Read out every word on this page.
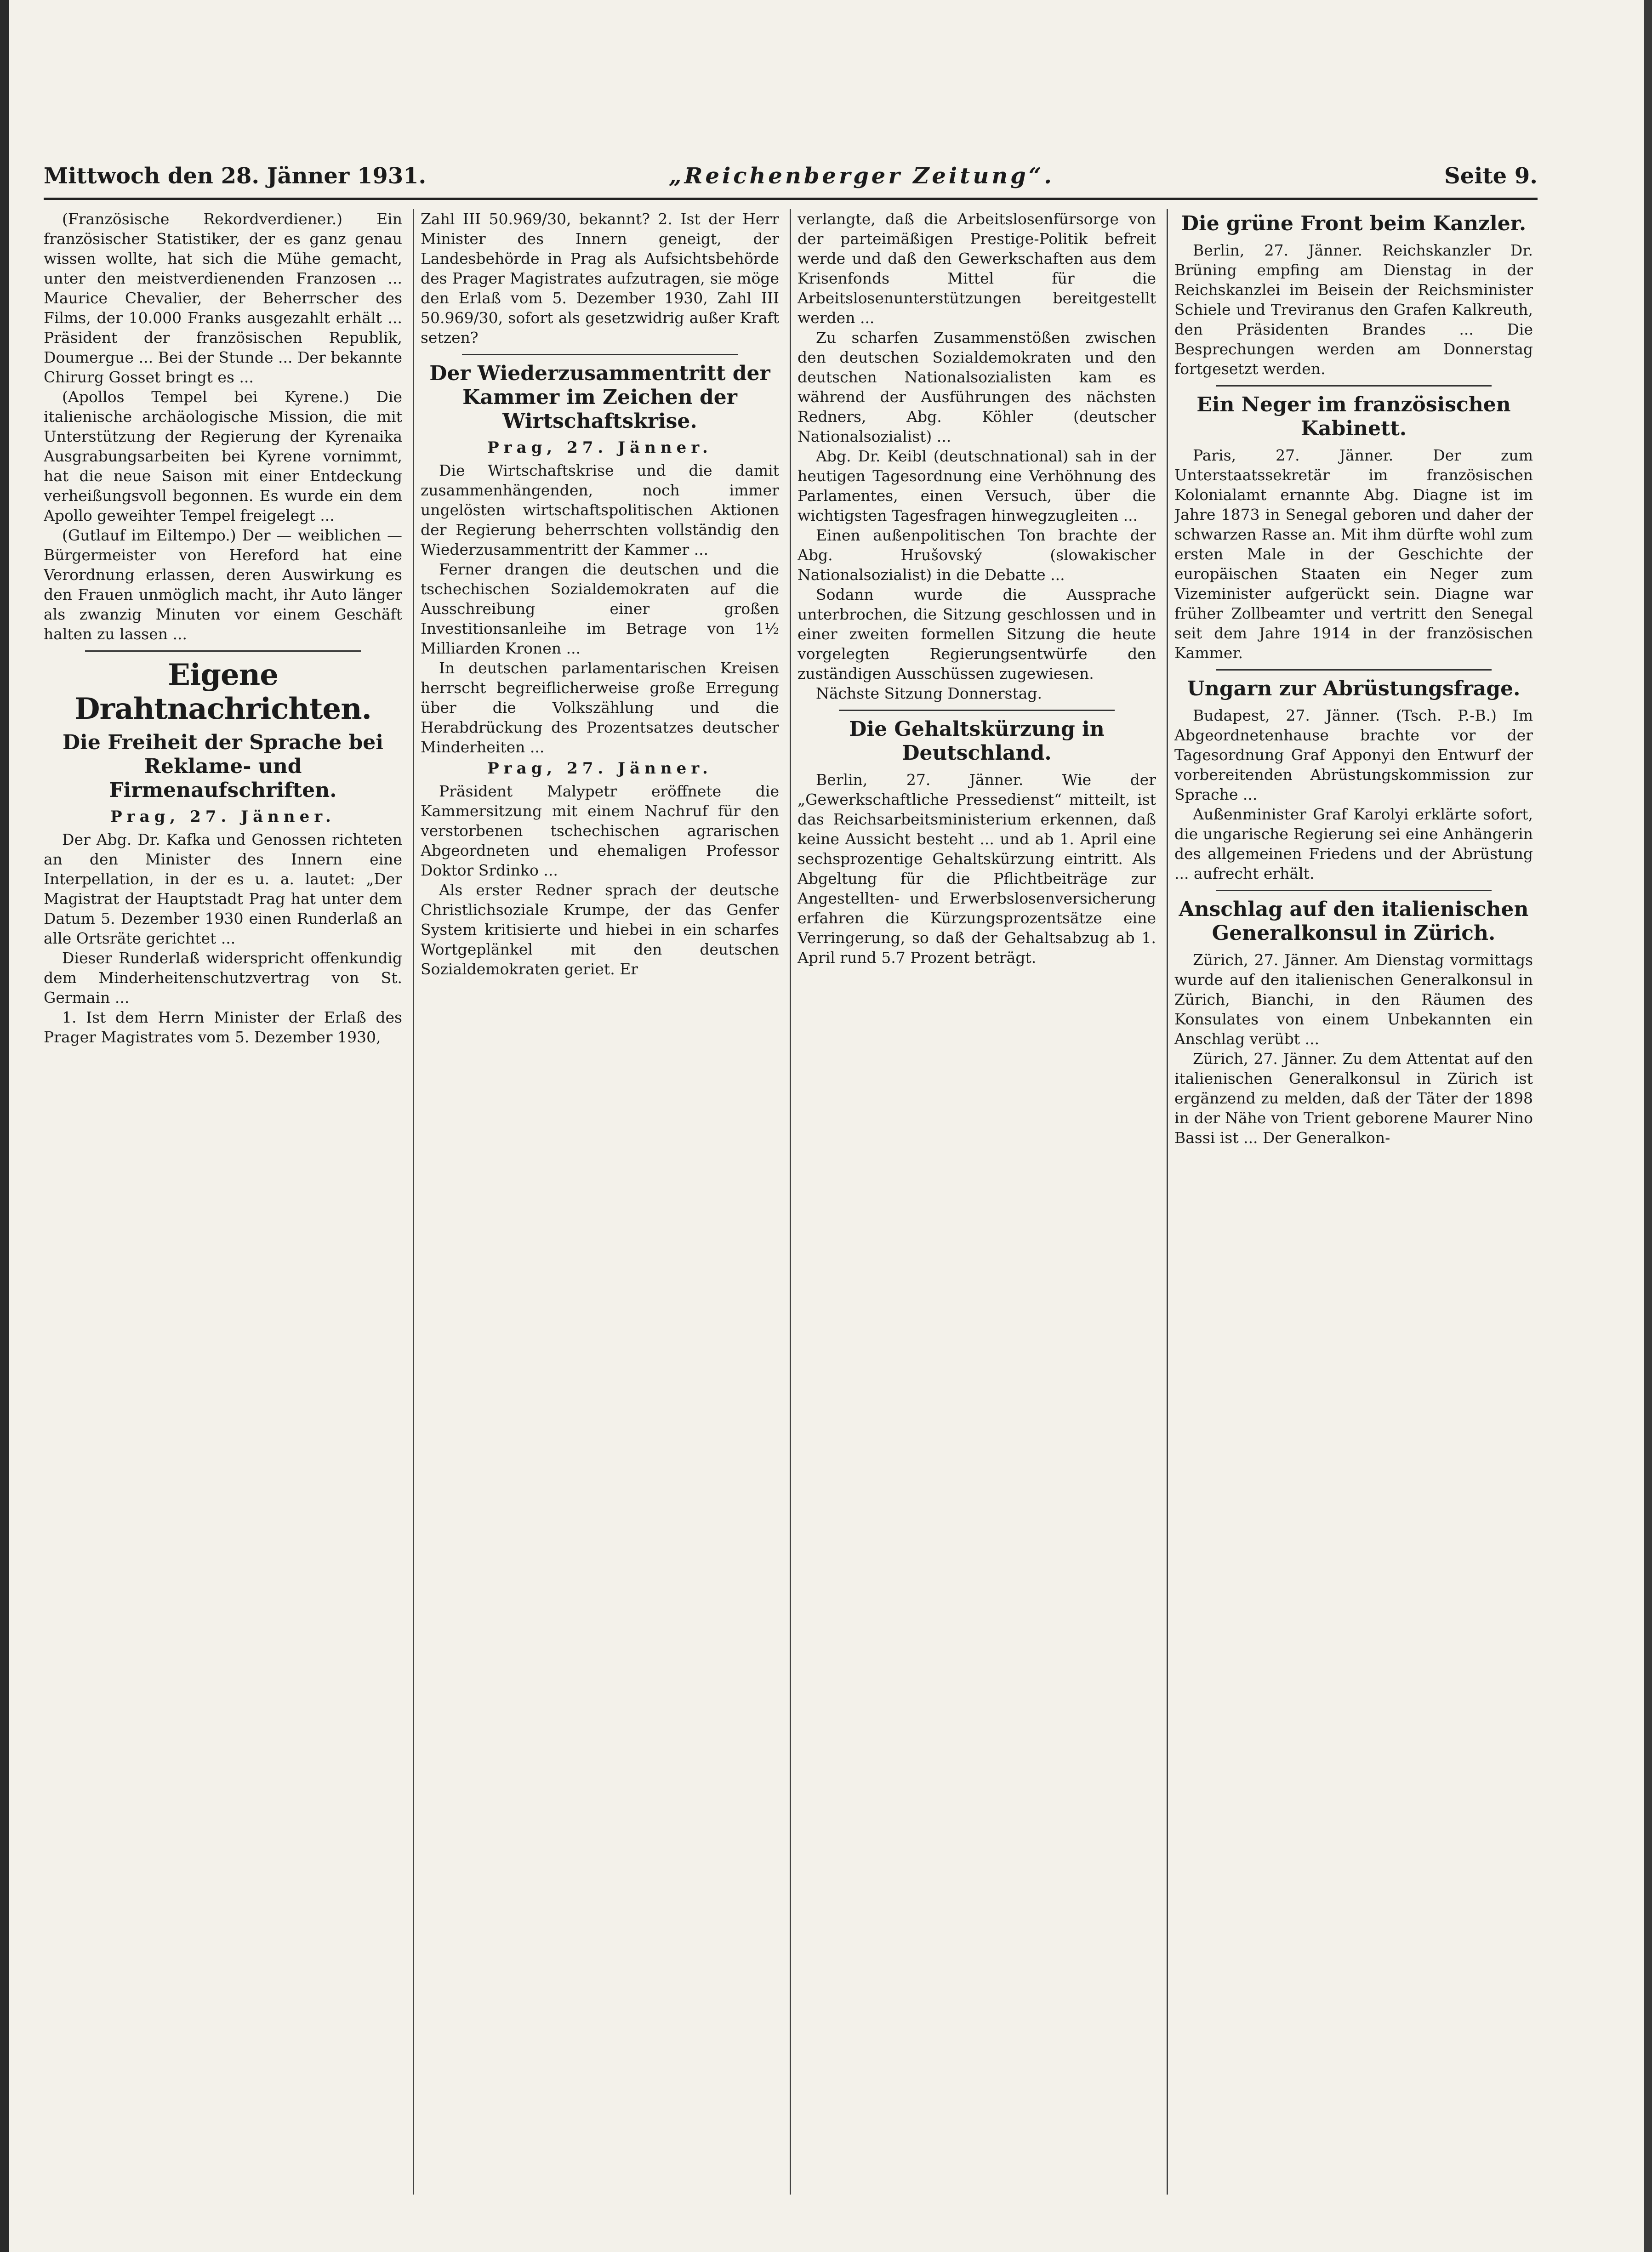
Mittwoch den 28. Jänner 1931.	„Reichenberger Zeitung“.	Seite 9.

(Französische Rekordverdiener.) Ein französischer Statistiker, der es ganz genau wissen wollte, hat sich die Mühe gemacht, unter den meistverdienenden Franzosen ... Maurice Chevalier, der Beherrscher des Films, der 10.000 Franks ausgezahlt erhält ... Präsident der französischen Republik, Doumergue ... Bei der Stunde ... Der bekannte Chirurg Gosset bringt es ...

(Apollos Tempel bei Kyrene.) Die italienische archäologische Mission, die mit Unterstützung der Regierung der Kyrenaika Ausgrabungsarbeiten bei Kyrene vornimmt, hat die neue Saison mit einer Entdeckung verheißungsvoll begonnen. Es wurde ein dem Apollo geweihter Tempel freigelegt ...

(Gutlauf im Eiltempo.) Der — weiblichen — Bürgermeister von Hereford hat eine Verordnung erlassen, deren Auswirkung es den Frauen unmöglich macht, ihr Auto länger als zwanzig Minuten vor einem Geschäft halten zu lassen ...

Eigene Drahtnachrichten.
Die Freiheit der Sprache bei Reklame- und Firmenaufschriften.
Prag, 27. Jänner.

Der Abg. Dr. Kafka und Genossen richteten an den Minister des Innern eine Interpellation, in der es u. a. lautet: „Der Magistrat der Hauptstadt Prag hat unter dem Datum 5. Dezember 1930 einen Runderlaß an alle Ortsräte gerichtet ...

Dieser Runderlaß widerspricht offenkundig dem Minderheitenschutzvertrag von St. Germain ...

1. Ist dem Herrn Minister der Erlaß des Prager Magistrates vom 5. Dezember 1930,

Zahl III 50.969/30, bekannt? 2. Ist der Herr Minister des Innern geneigt, der Landesbehörde in Prag als Aufsichtsbehörde des Prager Magistrates aufzutragen, sie möge den Erlaß vom 5. Dezember 1930, Zahl III 50.969/30, sofort als gesetzwidrig außer Kraft setzen?

Der Wiederzusammentritt der Kammer im Zeichen der Wirtschaftskrise.
Prag, 27. Jänner.

Die Wirtschaftskrise und die damit zusammenhängenden, noch immer ungelösten wirtschaftspolitischen Aktionen der Regierung beherrschten vollständig den Wiederzusammentritt der Kammer ...

Ferner drangen die deutschen und die tschechischen Sozialdemokraten auf die Ausschreibung einer großen Investitionsanleihe im Betrage von 1½ Milliarden Kronen ...

In deutschen parlamentarischen Kreisen herrscht begreiflicherweise große Erregung über die Volkszählung und die Herabdrückung des Prozentsatzes deutscher Minderheiten ...

Prag, 27. Jänner.

Präsident Malypetr eröffnete die Kammersitzung mit einem Nachruf für den verstorbenen tschechischen agrarischen Abgeordneten und ehemaligen Professor Doktor Srdinko ...

Als erster Redner sprach der deutsche Christlichsoziale Krumpe, der das Genfer System kritisierte und hiebei in ein scharfes Wortgeplänkel mit den deutschen Sozialdemokraten geriet. Er

verlangte, daß die Arbeitslosenfürsorge von der parteimäßigen Prestige-Politik befreit werde und daß den Gewerkschaften aus dem Krisenfonds Mittel für die Arbeitslosenunterstützungen bereitgestellt werden ...

Zu scharfen Zusammenstößen zwischen den deutschen Sozialdemokraten und den deutschen Nationalsozialisten kam es während der Ausführungen des nächsten Redners, Abg. Köhler (deutscher Nationalsozialist) ...

Abg. Dr. Keibl (deutschnational) sah in der heutigen Tagesordnung eine Verhöhnung des Parlamentes, einen Versuch, über die wichtigsten Tagesfragen hinwegzugleiten ...

Einen außenpolitischen Ton brachte der Abg. Hrušovský (slowakischer Nationalsozialist) in die Debatte ...

Sodann wurde die Aussprache unterbrochen, die Sitzung geschlossen und in einer zweiten formellen Sitzung die heute vorgelegten Regierungsentwürfe den zuständigen Ausschüssen zugewiesen.

Nächste Sitzung Donnerstag.

Die Gehaltskürzung in Deutschland.

Berlin, 27. Jänner. Wie der „Gewerkschaftliche Pressedienst“ mitteilt, ist das Reichsarbeitsministerium erkennen, daß keine Aussicht besteht ... und ab 1. April eine sechsprozentige Gehaltskürzung eintritt. Als Abgeltung für die Pflichtbeiträge zur Angestellten- und Erwerbslosenversicherung erfahren die Kürzungsprozentsätze eine Verringerung, so daß der Gehaltsabzug ab 1. April rund 5.7 Prozent beträgt.

Die grüne Front beim Kanzler.

Berlin, 27. Jänner. Reichskanzler Dr. Brüning empfing am Dienstag in der Reichskanzlei im Beisein der Reichsminister Schiele und Treviranus den Grafen Kalkreuth, den Präsidenten Brandes ... Die Besprechungen werden am Donnerstag fortgesetzt werden.

Ein Neger im französischen Kabinett.

Paris, 27. Jänner. Der zum Unterstaatssekretär im französischen Kolonialamt ernannte Abg. Diagne ist im Jahre 1873 in Senegal geboren und daher der schwarzen Rasse an. Mit ihm dürfte wohl zum ersten Male in der Geschichte der europäischen Staaten ein Neger zum Vizeminister aufgerückt sein. Diagne war früher Zollbeamter und vertritt den Senegal seit dem Jahre 1914 in der französischen Kammer.

Ungarn zur Abrüstungsfrage.

Budapest, 27. Jänner. (Tsch. P.-B.) Im Abgeordnetenhause brachte vor der Tagesordnung Graf Apponyi den Entwurf der vorbereitenden Abrüstungskommission zur Sprache ...

Außenminister Graf Karolyi erklärte sofort, die ungarische Regierung sei eine Anhängerin des allgemeinen Friedens und der Abrüstung ... aufrecht erhält.

Anschlag auf den italienischen Generalkonsul in Zürich.

Zürich, 27. Jänner. Am Dienstag vormittags wurde auf den italienischen Generalkonsul in Zürich, Bianchi, in den Räumen des Konsulates von einem Unbekannten ein Anschlag verübt ...

Zürich, 27. Jänner. Zu dem Attentat auf den italienischen Generalkonsul in Zürich ist ergänzend zu melden, daß der Täter der 1898 in der Nähe von Trient geborene Maurer Nino Bassi ist ... Der Generalkon-
